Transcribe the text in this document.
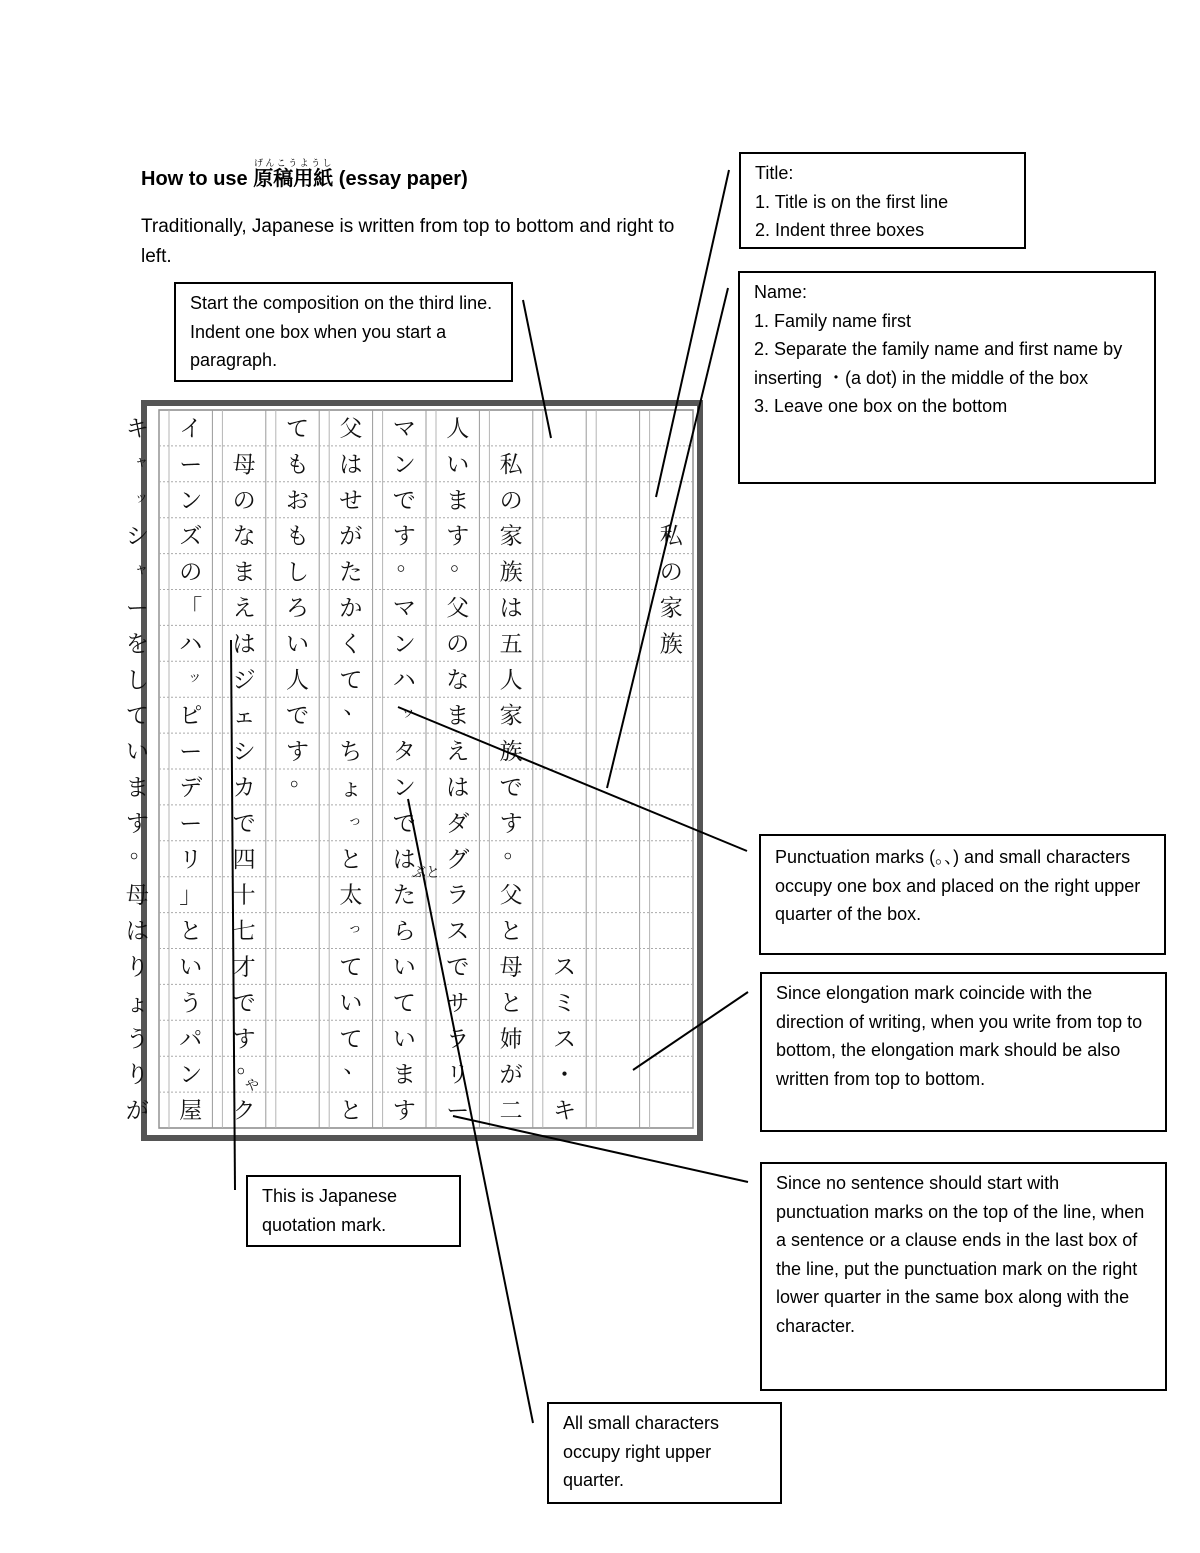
How to use 原稿用紙げんこうようし (essay paper)
Traditionally, Japanese is written from top to bottom and right to left.
私
の
家
族
ス
ミ
ス
・
キ
私
の
家
族
は
五
人
家
族
で
す
。
父
と
母
と
姉
が
二
人
い
ま
す
。
父
の
な
ま
え
は
ダ
グ
ラ
ス
で
サ
ラ
リ
ー
マ
ン
で
す
。
マ
ン
ハ
ッ
タ
ン
で
は
た
ら
い
て
い
ま
す
父
は
せ
が
た
か
く
て
、
ち
ょ
っ
と
太
っ
て
い
て
、
と
て
も
お
も
し
ろ
い
人
で
す
。
母
の
な
ま
え
は
ジ
ェ
シ
カ
で
四
十
七
才
で
す
。
ク
イ
ー
ン
ズ
の
「
ハ
ッ
ピ
ー
デ
ー
リ
」
と
い
う
パ
ン
屋
キ
ャ
ッ
シ
ャ
ー
を
し
て
い
ま
す
。
母
は
り
ょ
う
り
が
ぶと
や

Start the composition on the third line. Indent one box when you start a paragraph.

Title:

1. Title is on the first line

2. Indent three boxes

Name:

1. Family name first

2. Separate the family name and first name by inserting ・(a dot) in the middle of the box

3. Leave one box on the bottom

Punctuation marks (。、) and small characters occupy one box and placed on the right upper quarter of the box.

Since elongation mark coincide with the direction of writing, when you write from top to bottom, the elongation mark should be also written from top to bottom.

Since no sentence should start with punctuation marks on the top of the line, when a sentence or a clause ends in the last box of the line, put the punctuation mark on the right lower quarter in the same box along with the character.

This is Japanese quotation mark.

All small characters occupy right upper quarter.
